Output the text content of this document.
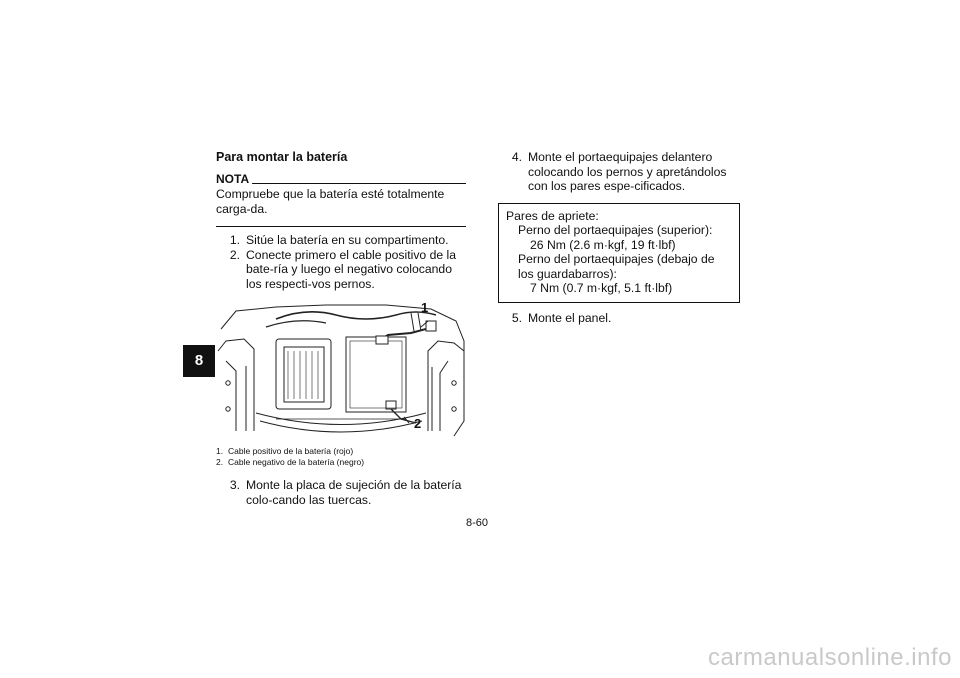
8
Para montar la batería
NOTA
Compruebe que la batería esté totalmente carga-da.
1. Sitúe la batería en su compartimento.
2. Conecte primero el cable positivo de la bate-ría y luego el negativo colocando los respecti-vos pernos.
1
2
1. Cable positivo de la batería (rojo)
2. Cable negativo de la batería (negro)
3. Monte la placa de sujeción de la batería colo-cando las tuercas.
4. Monte el portaequipajes delantero colocando los pernos y apretándolos con los pares espe-cificados.
Pares de apriete:
Perno del portaequipajes (superior):
26 Nm (2.6 m·kgf, 19 ft·lbf)
Perno del portaequipajes (debajo de los guardabarros):
7 Nm (0.7 m·kgf, 5.1 ft·lbf)
5. Monte el panel.
8-60
carmanualsonline.info
